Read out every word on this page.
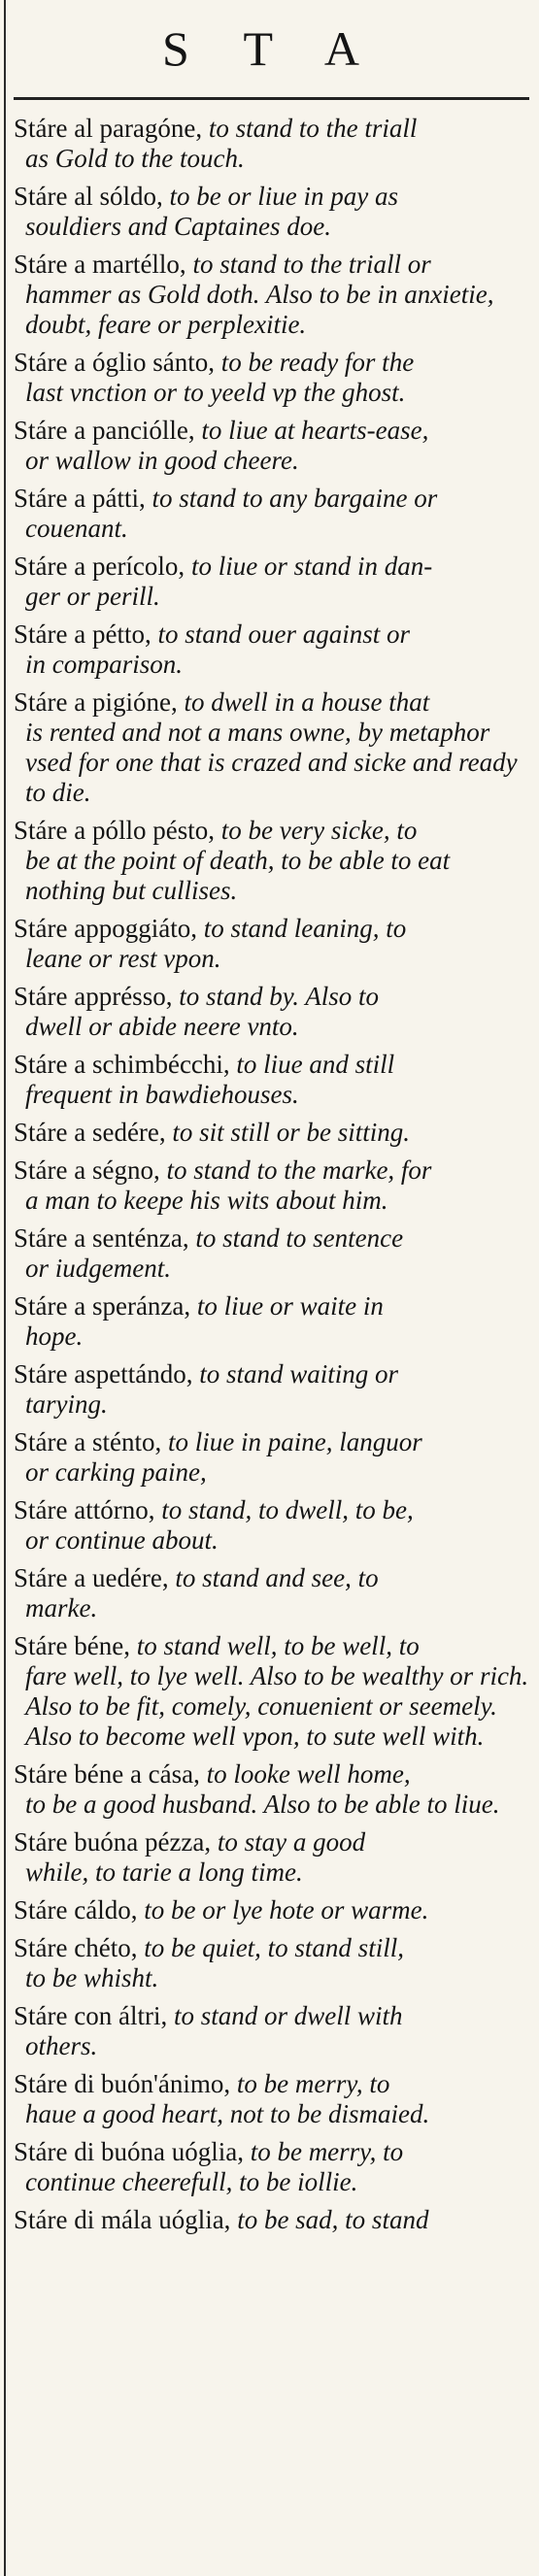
S T A
Stáre al paragóne, to stand to the triall
as Gold to the touch.
Stáre al sóldo, to be or liue in pay as
souldiers and Captaines doe.
Stáre a martéllo, to stand to the triall or
hammer as Gold doth. Also to be in anxietie, doubt, feare or perplexitie.
Stáre a óglio sánto, to be ready for the
last vnction or to yeeld vp the ghost.
Stáre a panciólle, to liue at hearts-ease,
or wallow in good cheere.
Stáre a pátti, to stand to any bargaine or
couenant.
Stáre a perícolo, to liue or stand in dan-
ger or perill.
Stáre a pétto, to stand ouer against or
in comparison.
Stáre a pigióne, to dwell in a house that
is rented and not a mans owne, by metaphor vsed for one that is crazed and sicke and ready to die.
Stáre a póllo pésto, to be very sicke, to
be at the point of death, to be able to eat nothing but cullises.
Stáre appoggiáto, to stand leaning, to
leane or rest vpon.
Stáre appréssо, to stand by. Also to
dwell or abide neere vnto.
Stáre a schimbécchi, to liue and still
frequent in bawdiehouses.
Stáre a sedére, to sit still or be sitting.
Stáre a ségno, to stand to the marke, for
a man to keepe his wits about him.
Stáre a senténza, to stand to sentence
or iudgement.
Stáre a speránza, to liue or waite in
hope.
Stáre aspettándo, to stand waiting or
tarying.
Stáre a sténto, to liue in paine, languor
or carking paine,
Stáre attórno, to stand, to dwell, to be,
or continue about.
Stáre a uedére, to stand and see, to
marke.
Stáre béne, to stand well, to be well, to
fare well, to lye well. Also to be wealthy or rich. Also to be fit, comely, conuenient or seemely. Also to become well vpon, to sute well with.
Stáre béne a cása, to looke well home,
to be a good husband. Also to be able to liue.
Stáre buóna pézza, to stay a good
while, to tarie a long time.
Stáre cáldo, to be or lye hote or warme.
Stáre chéto, to be quiet, to stand still,
to be whisht.
Stáre con áltri, to stand or dwell with
others.
Stáre di buón'ánimo, to be merry, to
haue a good heart, not to be dismaied.
Stáre di buóna uóglia, to be merry, to
continue cheerefull, to be iollie.
Stáre di mála uóglia, to be sad, to stand
